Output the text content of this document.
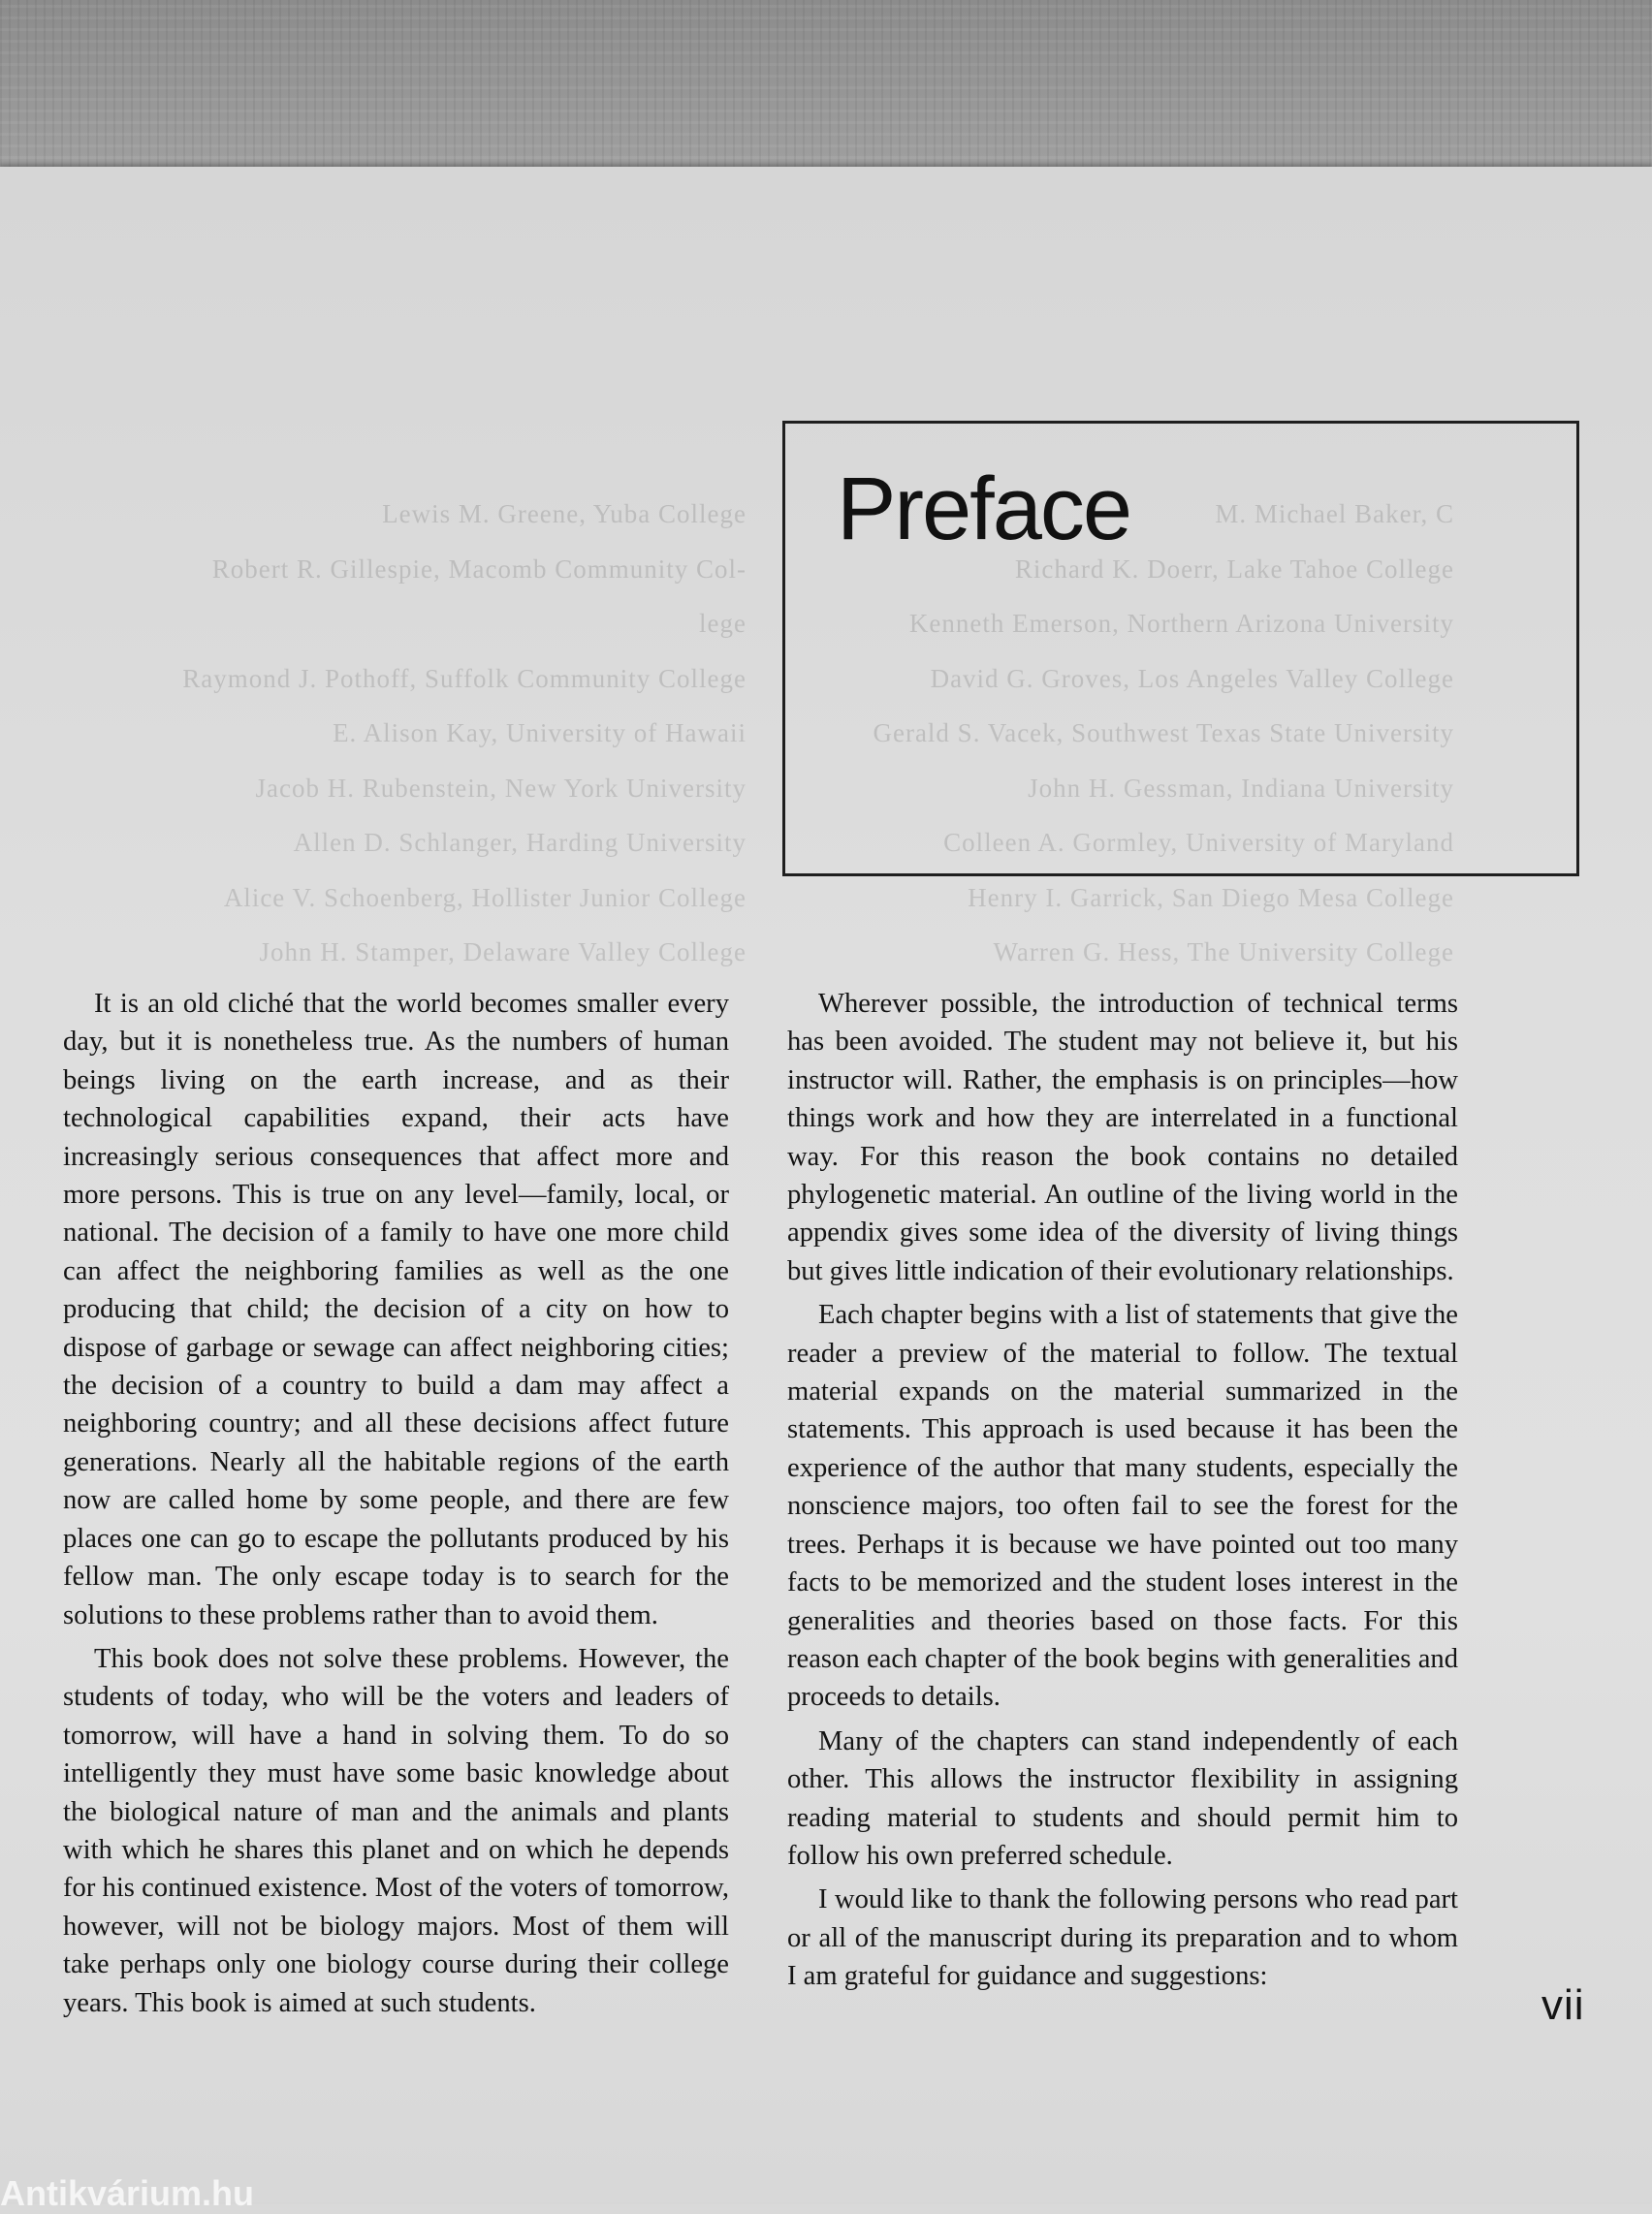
Lewis M. Greene, Yuba College
Robert R. Gillespie, Macomb Community Col-
lege
Raymond J. Pothoff, Suffolk Community College
E. Alison Kay, University of Hawaii
Jacob H. Rubenstein, New York University
Allen D. Schlanger, Harding University
Alice V. Schoenberg, Hollister Junior College
John H. Stamper, Delaware Valley College
M. Michael Baker, C
Richard K. Doerr, Lake Tahoe College
Kenneth Emerson, Northern Arizona University
David G. Groves, Los Angeles Valley College
Gerald S. Vacek, Southwest Texas State University
John H. Gessman, Indiana University
Colleen A. Gormley, University of Maryland
Henry I. Garrick, San Diego Mesa College
Warren G. Hess, The University College
Preface

It is an old cliché that the world becomes smaller every day, but it is nonetheless true. As the numbers of human beings living on the earth increase, and as their technological capabilities expand, their acts have increasingly serious consequences that affect more and more persons. This is true on any level—family, local, or national. The decision of a family to have one more child can affect the neighboring families as well as the one producing that child; the decision of a city on how to dispose of garbage or sewage can affect neighboring cities; the decision of a country to build a dam may affect a neighboring country; and all these decisions affect future generations. Nearly all the habitable regions of the earth now are called home by some people, and there are few places one can go to escape the pollutants produced by his fellow man. The only escape today is to search for the solutions to these problems rather than to avoid them.

This book does not solve these problems. However, the students of today, who will be the voters and leaders of tomorrow, will have a hand in solving them. To do so intelligently they must have some basic knowledge about the biological nature of man and the animals and plants with which he shares this planet and on which he depends for his continued existence. Most of the voters of tomorrow, however, will not be biology majors. Most of them will take perhaps only one biology course during their college years. This book is aimed at such students.

Wherever possible, the introduction of technical terms has been avoided. The student may not believe it, but his instructor will. Rather, the emphasis is on principles—how things work and how they are interrelated in a functional way. For this reason the book contains no detailed phylogenetic material. An outline of the living world in the appendix gives some idea of the diversity of living things but gives little indication of their evolutionary relationships.

Each chapter begins with a list of statements that give the reader a preview of the material to follow. The textual material expands on the material summarized in the statements. This approach is used because it has been the experience of the author that many students, especially the nonscience majors, too often fail to see the forest for the trees. Perhaps it is because we have pointed out too many facts to be memorized and the student loses interest in the generalities and theories based on those facts. For this reason each chapter of the book begins with generalities and proceeds to details.

Many of the chapters can stand independently of each other. This allows the instructor flexibility in assigning reading material to students and should permit him to follow his own preferred schedule.

I would like to thank the following persons who read part or all of the manuscript during its preparation and to whom I am grateful for guidance and suggestions:

vii
Antikvárium.hu
